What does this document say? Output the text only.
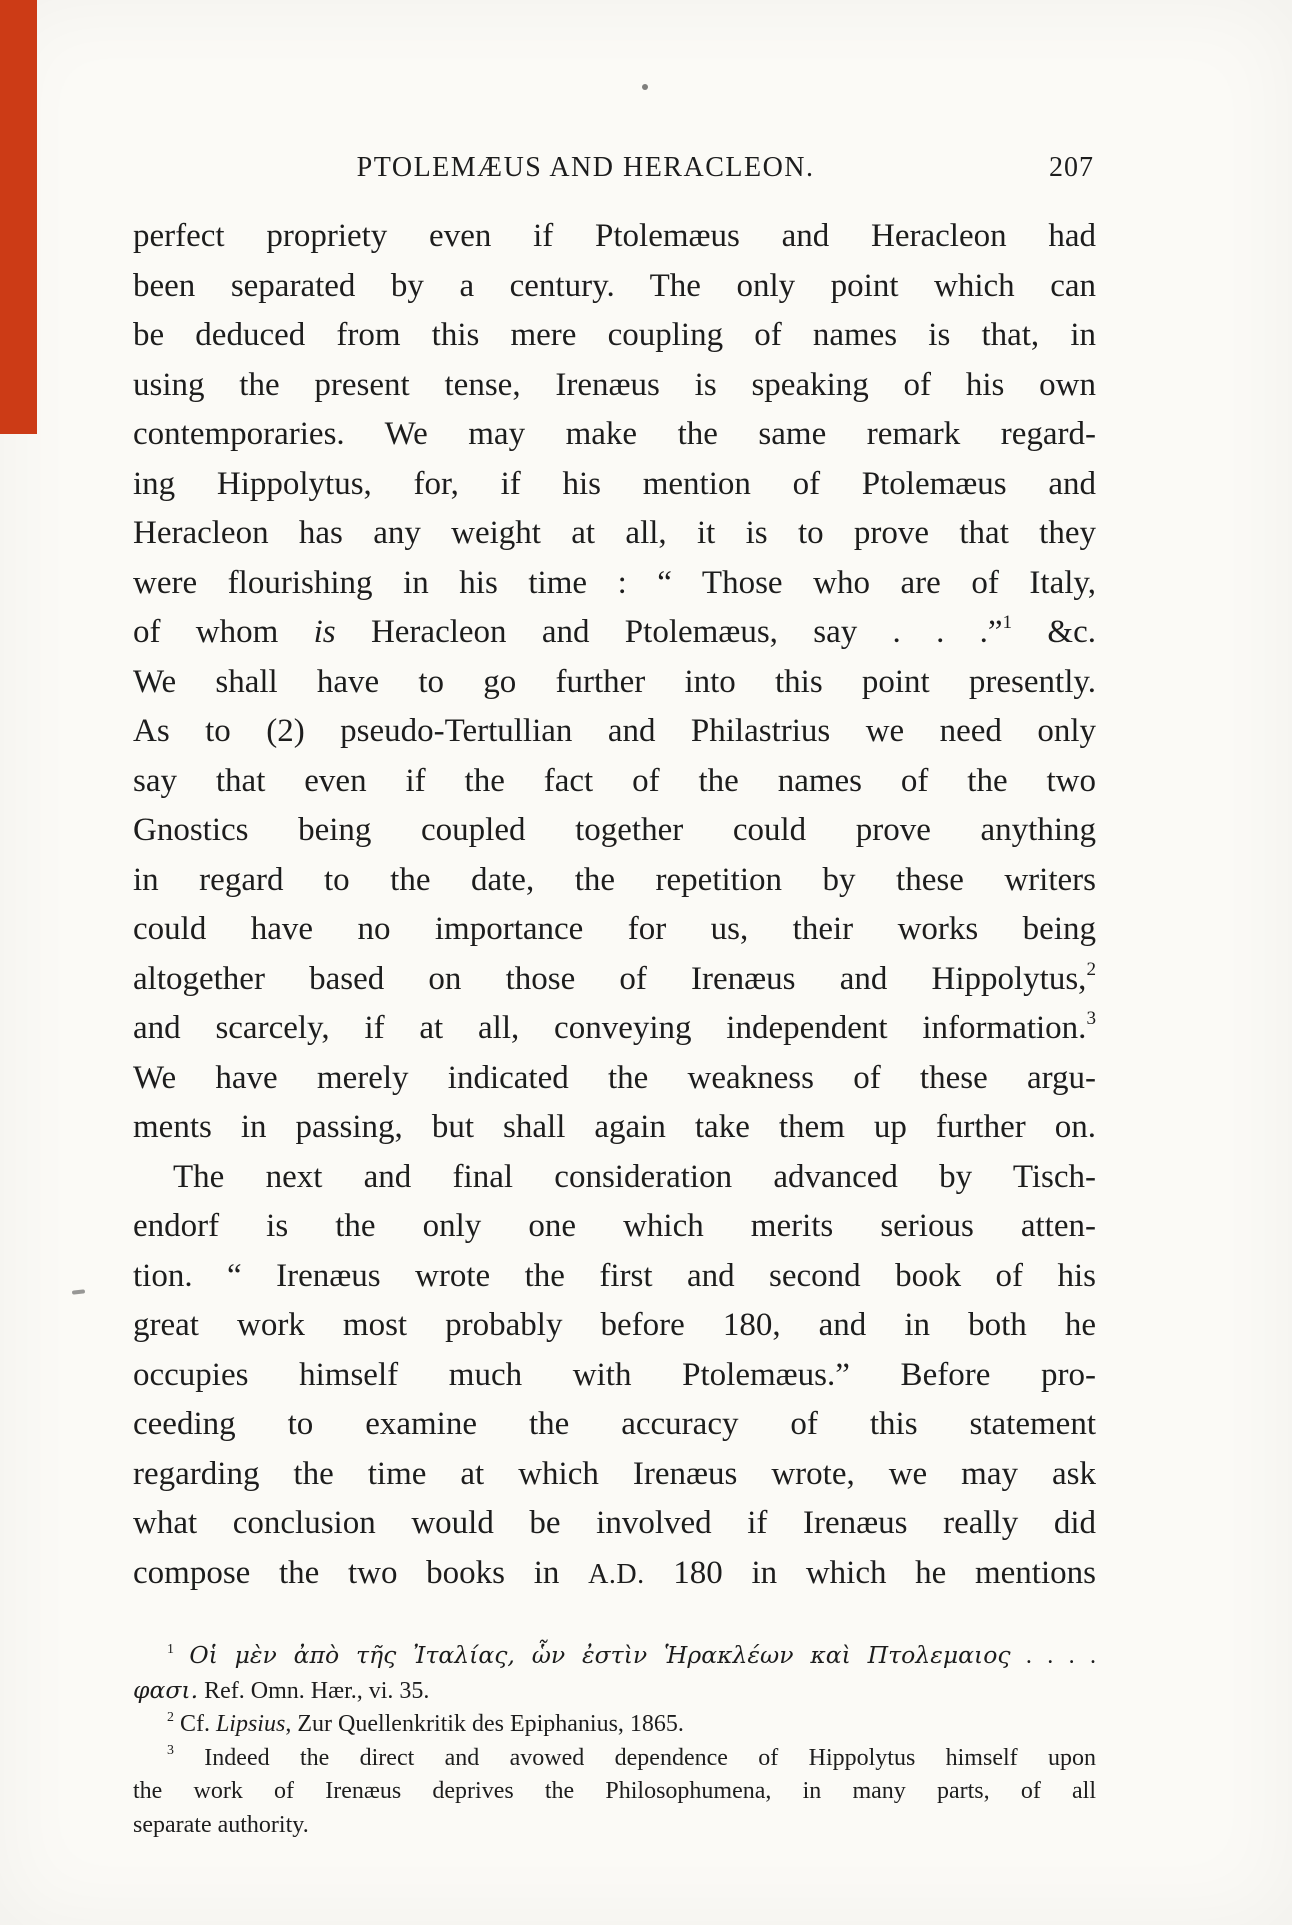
PTOLEMÆUS AND HERACLEON.	207
perfect propriety even if Ptolemæus and Heracleon had
been separated by a century. The only point which can
be deduced from this mere coupling of names is that, in
using the present tense, Irenæus is speaking of his own
contemporaries. We may make the same remark regard-
ing Hippolytus, for, if his mention of Ptolemæus and
Heracleon has any weight at all, it is to prove that they
were flourishing in his time : “ Those who are of Italy,
of whom is Heracleon and Ptolemæus, say . . .”$^1$ &c.
We shall have to go further into this point presently.
As to (2) pseudo-Tertullian and Philastrius we need only
say that even if the fact of the names of the two
Gnostics being coupled together could prove anything
in regard to the date, the repetition by these writers
could have no importance for us, their works being
altogether based on those of Irenæus and Hippolytus,$^2$
and scarcely, if at all, conveying independent information.$^3$
We have merely indicated the weakness of these argu-
ments in passing, but shall again take them up further on.
The next and final consideration advanced by Tisch-
endorf is the only one which merits serious atten-
tion. “ Irenæus wrote the first and second book of his
great work most probably before 180, and in both he
occupies himself much with Ptolemæus.” Before pro-
ceeding to examine the accuracy of this statement
regarding the time at which Irenæus wrote, we may ask
what conclusion would be involved if Irenæus really did
compose the two books in A.D. 180 in which he mentions
$^1$ Οἱ μὲν ἀπὸ τῆς Ἰταλίας, ὧν ἐστὶν Ἡρακλέων καὶ Πτολεμαιος . . . .
φασι. Ref. Omn. Hær., vi. 35.
$^2$ Cf. Lipsius, Zur Quellenkritik des Epiphanius, 1865.
$^3$ Indeed the direct and avowed dependence of Hippolytus himself upon
the work of Irenæus deprives the Philosophumena, in many parts, of all
separate authority.
